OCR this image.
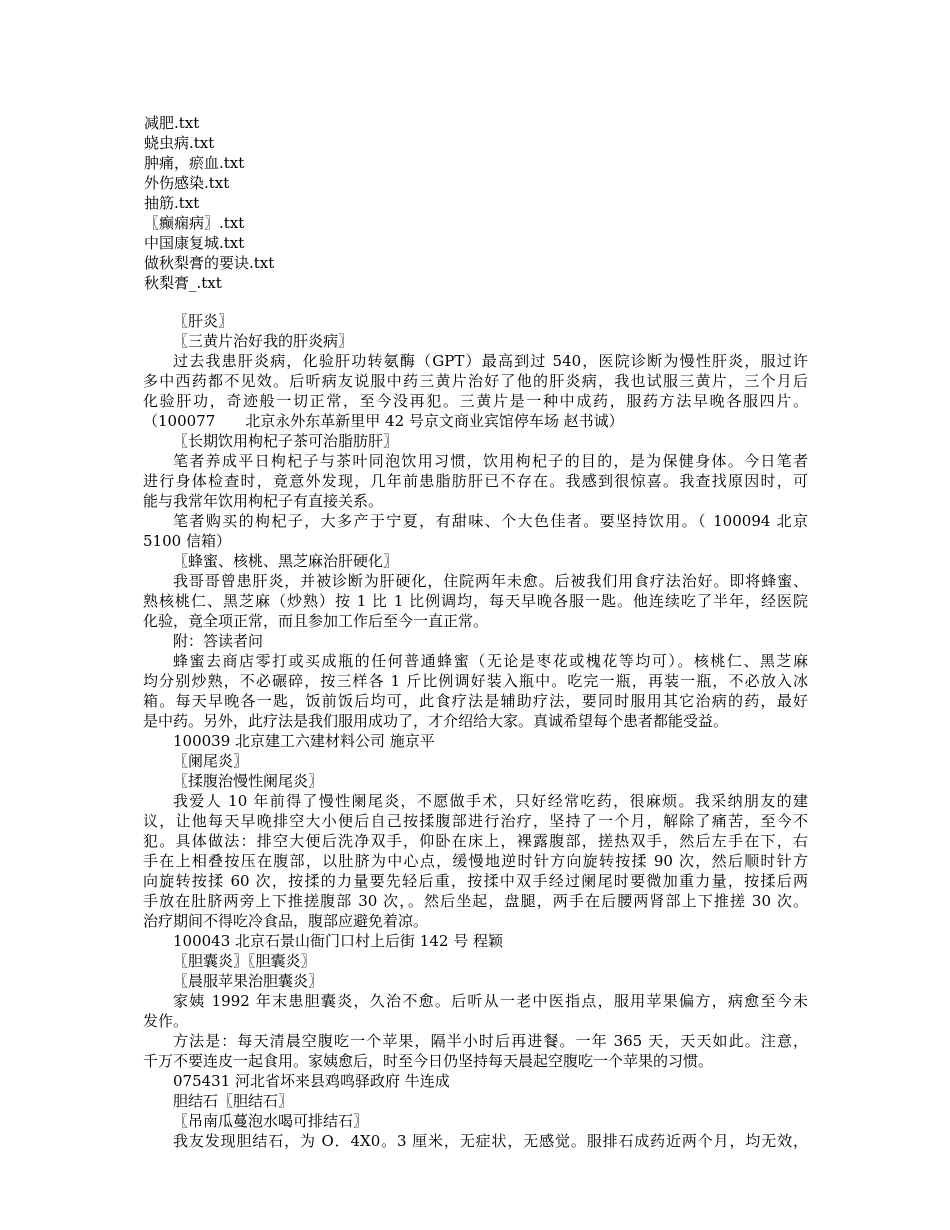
减肥.txt
蛲虫病.txt
肿痛，瘀血.txt
外伤感染.txt
抽筋.txt
〖癫痫病〗.txt
中国康复城.txt
做秋梨膏的要诀.txt
秋梨膏_.txt
〖肝炎〗
〖三黄片治好我的肝炎病〗
过去我患肝炎病，化验肝功转氨酶（GPT）最高到过 540，医院诊断为慢性肝炎，服过许
多中西药都不见效。后听病友说服中药三黄片治好了他的肝炎病，我也试服三黄片，三个月后
化验肝功，奇迹般一切正常，至今没再犯。三黄片是一种中成药，服药方法早晚各服四片。
（100077　　北京永外东革新里甲 42 号京文商业宾馆停车场 赵书诚）
〖长期饮用枸杞子茶可治脂肪肝〗
笔者养成平日枸杞子与茶叶同泡饮用习惯，饮用枸杞子的目的，是为保健身体。今日笔者
进行身体检查时，竟意外发现，几年前患脂肪肝已不存在。我感到很惊喜。我查找原因时，可
能与我常年饮用枸杞子有直接关系。
笔者购买的枸杞子，大多产于宁夏，有甜味、个大色佳者。要坚持饮用。（ 100094 北京
5100 信箱）
〖蜂蜜、核桃、黑芝麻治肝硬化〗
我哥哥曾患肝炎，并被诊断为肝硬化，住院两年未愈。后被我们用食疗法治好。即将蜂蜜、
熟核桃仁、黑芝麻（炒熟）按 1 比 1 比例调均，每天早晚各服一匙。他连续吃了半年，经医院
化验，竟全项正常，而且参加工作后至今一直正常。
附：答读者问
蜂蜜去商店零打或买成瓶的任何普通蜂蜜（无论是枣花或槐花等均可）。核桃仁、黑芝麻
均分别炒熟，不必碾碎，按三样各 1 斤比例调好装入瓶中。吃完一瓶，再装一瓶，不必放入冰
箱。每天早晚各一匙，饭前饭后均可，此食疗法是辅助疗法，要同时服用其它治病的药，最好
是中药。另外，此疗法是我们服用成功了，才介绍给大家。真诚希望每个患者都能受益。
100039 北京建工六建材料公司 施京平
〖阑尾炎〗
〖揉腹治慢性阑尾炎〗
我爱人 10 年前得了慢性阑尾炎，不愿做手术，只好经常吃药，很麻烦。我采纳朋友的建
议，让他每天早晚排空大小便后自己按揉腹部进行治疗，坚持了一个月，解除了痛苦，至今不
犯。具体做法：排空大便后洗净双手，仰卧在床上，裸露腹部，搓热双手，然后左手在下，右
手在上相叠按压在腹部，以肚脐为中心点，缓慢地逆时针方向旋转按揉 90 次，然后顺时针方
向旋转按揉 60 次，按揉的力量要先轻后重，按揉中双手经过阑尾时要微加重力量，按揉后两
手放在肚脐两旁上下推搓腹部 30 次，。然后坐起，盘腿，两手在后腰两肾部上下推搓 30 次。
治疗期间不得吃冷食品，腹部应避免着凉。
100043 北京石景山衙门口村上后街 142 号 程颖
〖胆囊炎〗〖胆囊炎〗
〖晨服苹果治胆囊炎〗
家姨 1992 年末患胆囊炎，久治不愈。后听从一老中医指点，服用苹果偏方，病愈至今未
发作。
方法是：每天清晨空腹吃一个苹果，隔半小时后再进餐。一年 365 天，天天如此。注意，
千万不要连皮一起食用。家姨愈后，时至今日仍坚持每天晨起空腹吃一个苹果的习惯。
075431 河北省坏来县鸡鸣驿政府 牛连成
胆结石〖胆结石〗
〖吊南瓜蔓泡水喝可排结石〗
我友发现胆结石，为 O．4X0。3 厘米，无症状，无感觉。服排石成药近两个月，均无效，
